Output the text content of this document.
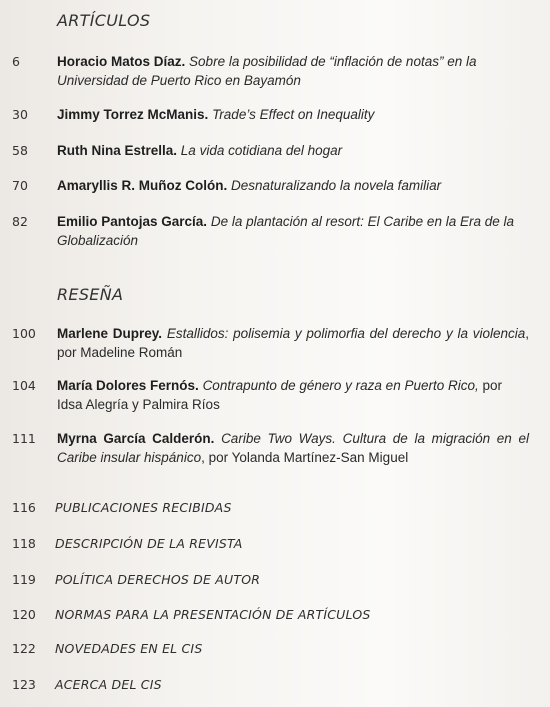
ARTÍCULOS
6	Horacio Matos Díaz. Sobre la posibilidad de “inflación de notas” en la Universidad de Puerto Rico en Bayamón
30 Jimmy Torrez McManis. Trade’s Effect on Inequality
58 Ruth Nina Estrella. La vida cotidiana del hogar
70 Amaryllis R. Muñoz Colón. Desnaturalizando la novela familiar
82 Emilio Pantojas García. De la plantación al resort: El Caribe en la Era de la Globalización
RESEÑA
100 Marlene Duprey. Estallidos: polisemia y polimorfia del derecho y la violencia, por Madeline Román
104 María Dolores Fernós. Contrapunto de género y raza en Puerto Rico, por Idsa Alegría y Palmira Ríos
111 Myrna García Calderón. Caribe Two Ways. Cultura de la migración en el Caribe insular hispánico, por Yolanda Martínez-San Miguel
116 PUBLICACIONES RECIBIDAS
118 DESCRIPCIÓN DE LA REVISTA
119 POLÍTICA DERECHOS DE AUTOR
120 NORMAS PARA LA PRESENTACIÓN DE ARTÍCULOS
122 NOVEDADES EN EL CIS
123 ACERCA DEL CIS
